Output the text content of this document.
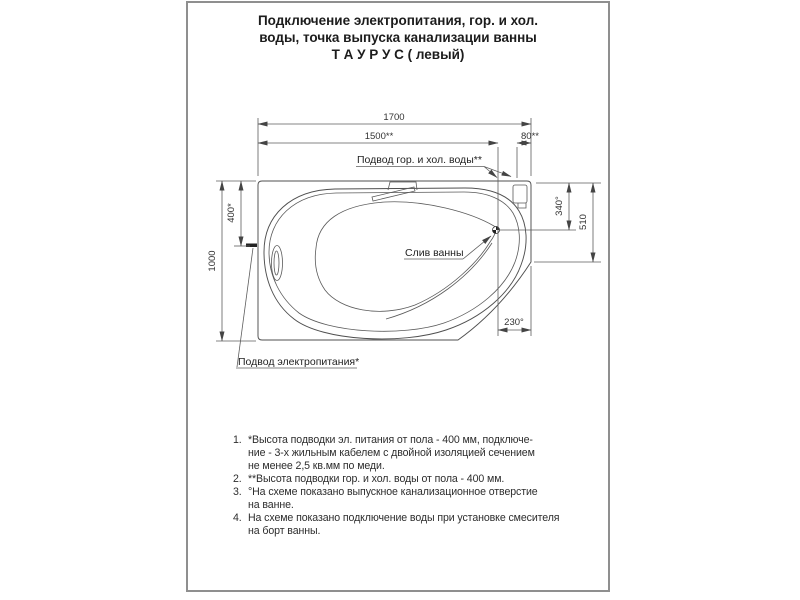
Подключение электропитания, гор. и хол.
воды, точка выпуска канализации ванны
Т А У Р У С ( левый)
1. *Высота подводки эл. питания от пола - 400 мм, подключе-
ние - 3-х жильным кабелем с двойной изоляцией сечением
не менее 2,5 кв.мм по меди.
2. **Высота подводки гор. и хол. воды от пола - 400 мм.
3. °На схеме показано выпускное канализационное отверстие
на ванне.
4. На схеме показано подключение воды при установке смесителя
на борт ванны.
1700
1500**	80**
1000
400*	340°
510
230°
Подвод гор. и хол. воды**
Слив ванны
Подвод электропитания*
